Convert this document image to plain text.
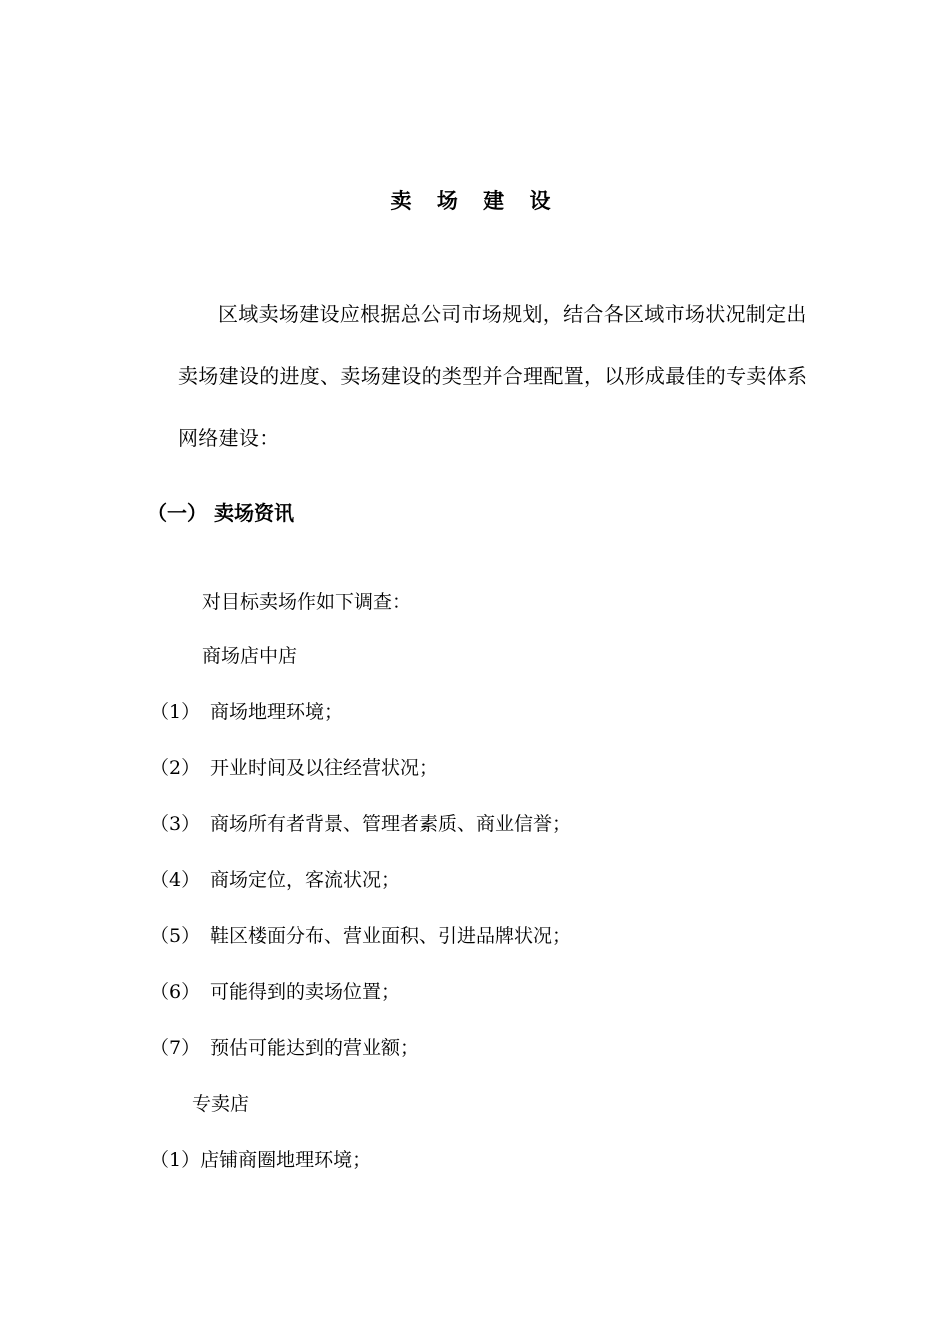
卖 场 建 设

区域卖场建设应根据总公司市场规划，结合各区域市场状况制定出卖场建设的进度、卖场建设的类型并合理配置，以形成最佳的专卖体系网络建设：

（一） 卖场资讯
对目标卖场作如下调查：
商场店中店
（1） 商场地理环境；
（2） 开业时间及以往经营状况；
（3） 商场所有者背景、管理者素质、商业信誉；
（4） 商场定位，客流状况；
（5） 鞋区楼面分布、营业面积、引进品牌状况；
（6） 可能得到的卖场位置；
（7） 预估可能达到的营业额；
专卖店
（1）店铺商圈地理环境；
